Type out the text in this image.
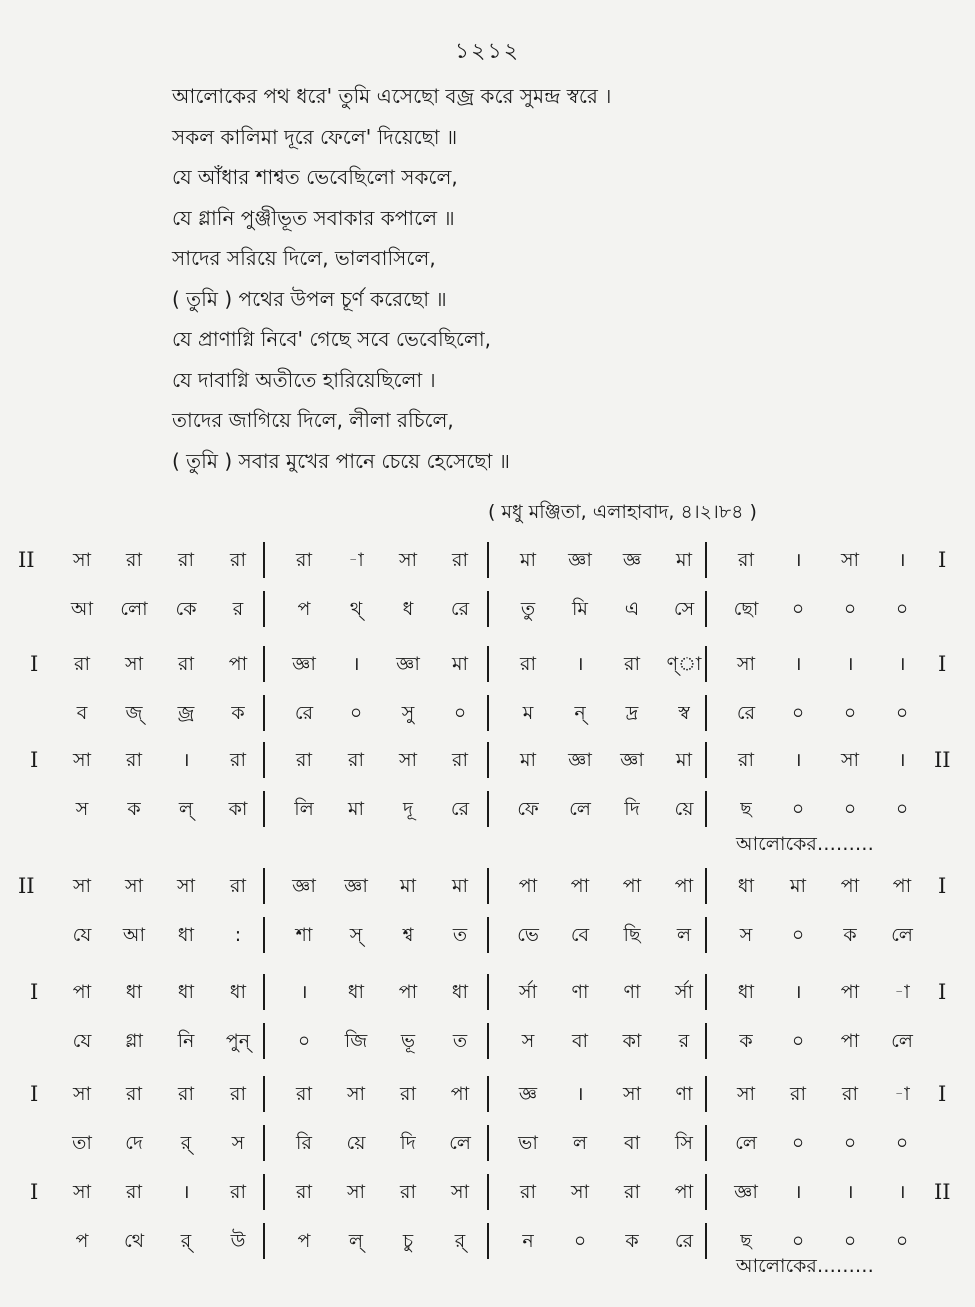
১২১২
আলোকের পথ ধরে' তুমি এসেছো বজ্র করে সুমন্দ্র স্বরে ।
সকল কালিমা দূরে ফেলে' দিয়েছো ॥
যে আঁধার শাশ্বত ভেবেছিলো সকলে,
যে গ্লানি পুঞ্জীভূত সবাকার কপালে ॥
সাদের সরিয়ে দিলে, ভালবাসিলে,
( তুমি ) পথের উপল চূর্ণ করেছো ॥
যে প্রাণাগ্নি নিবে' গেছে সবে ভেবেছিলো,
যে দাবাগ্নি অতীতে হারিয়েছিলো ।
তাদের জাগিয়ে দিলে, লীলা রচিলে,
( তুমি ) সবার মুখের পানে চেয়ে হেসেছো ॥
( মধু মঞ্জিতা, এলাহাবাদ, ৪।২।৮৪ )
II	I
সা	রা	রা	রা	রা	-া	সা	রা	মা	জ্ঞা	জ্ঞ	মা	রা	।	সা	।
আ	লো	কে	র	প	থ্	ধ	রে	তু	মি	এ	সে	ছো	০	০	০
I	I
রা	সা	রা	পা	জ্ঞা	।	জ্ঞা	মা	রা	।	রা	ণ্া	সা	।	।	।
ব	জ্	জ্র	ক	রে	০	সু	০	ম	ন্	দ্র	স্ব	রে	০	০	০
I	II
সা	রা	।	রা	রা	রা	সা	রা	মা	জ্ঞা	জ্ঞা	মা	রা	।	সা	।
স	ক	ল্	কা	লি	মা	দূ	রে	ফে	লে	দি	য়ে	ছ	০	০	০
আলোকের………
II	I
সা	সা	সা	রা	জ্ঞা	জ্ঞা	মা	মা	পা	পা	পা	পা	ধা	মা	পা	পা
যে	আ	ধা	:	শা	স্	শ্ব	ত	ভে	বে	ছি	ল	স	০	ক	লে
I	I
পা	ধা	ধা	ধা	।	ধা	পা	ধা	র্সা	ণা	ণা	র্সা	ধা	।	পা	-া
যে	গ্লা	নি	পুন্	০	জি	ভূ	ত	স	বা	কা	র	ক	০	পা	লে
I	I
সা	রা	রা	রা	রা	সা	রা	পা	জ্ঞ	।	সা	ণা	সা	রা	রা	-া
তা	দে	র্	স	রি	য়ে	দি	লে	ভা	ল	বা	সি	লে	০	০	০
I	II
সা	রা	।	রা	রা	সা	রা	সা	রা	সা	রা	পা	জ্ঞা	।	।	।
প	থে	র্	উ	প	ল্	চু	র্	ন	০	ক	রে	ছ	০	০	০
আলোকের………
